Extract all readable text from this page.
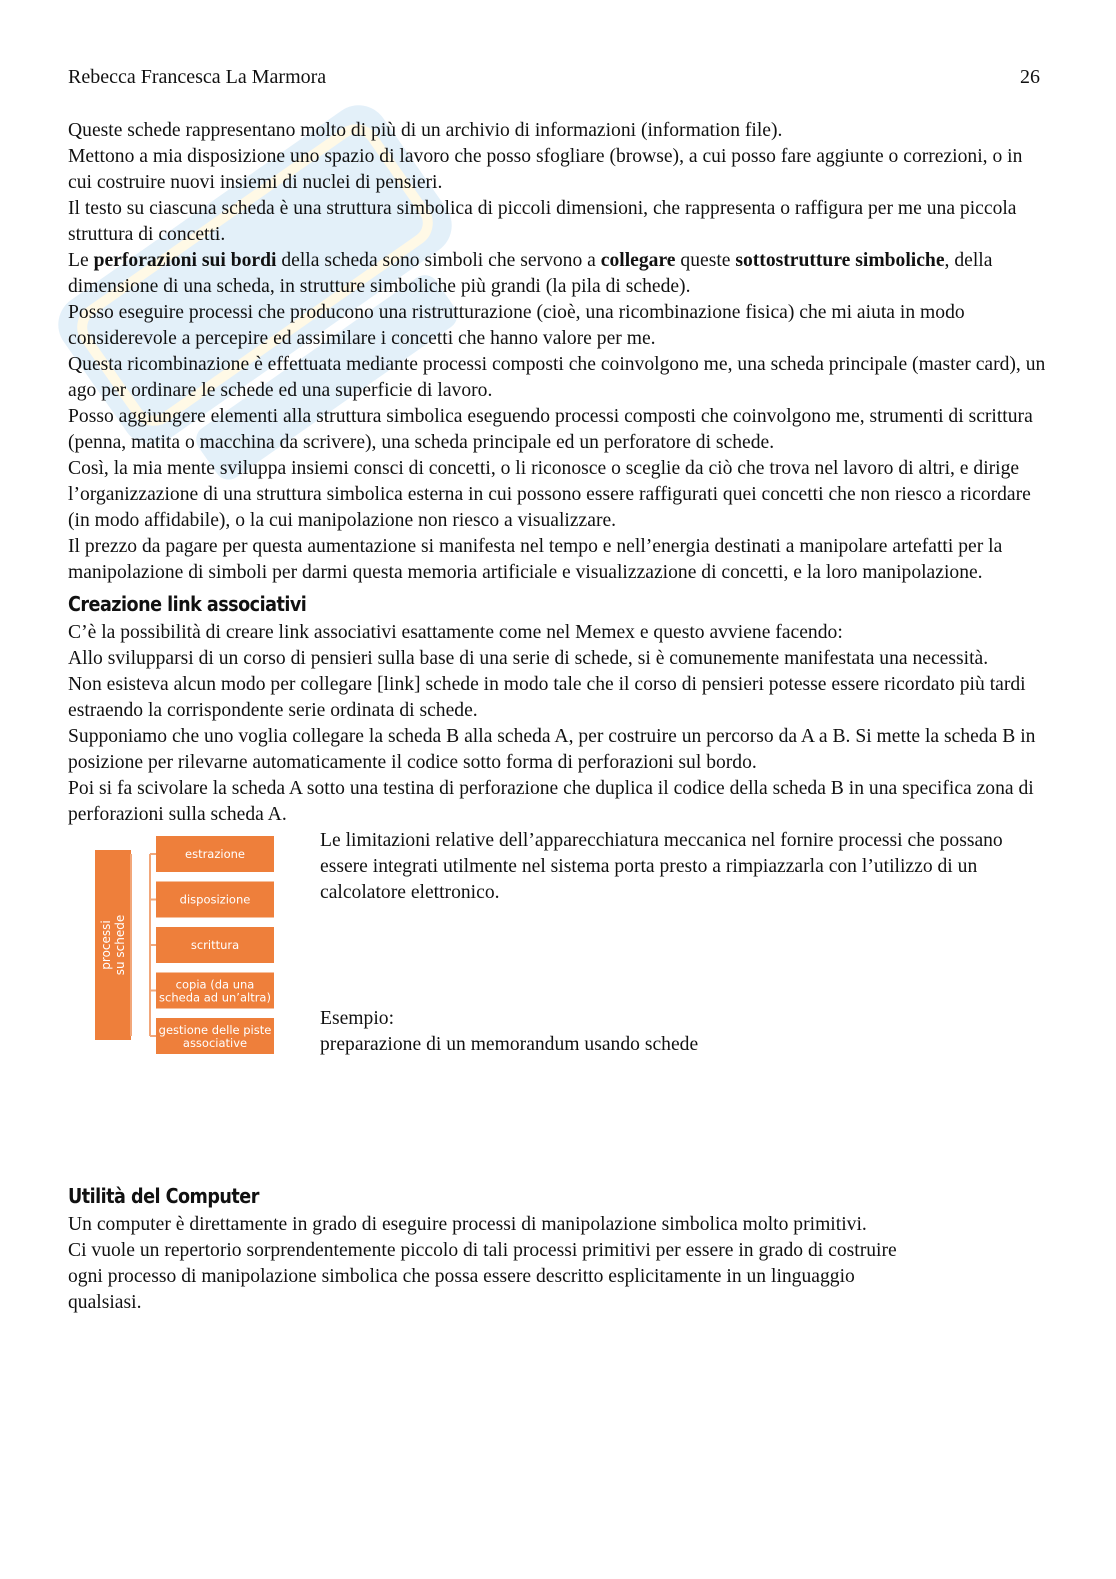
Rebecca Francesca La Marmora	26

Queste schede rappresentano molto di più di un archivio di informazioni (information file).

Mettono a mia disposizione uno spazio di lavoro che posso sfogliare (browse), a cui posso fare aggiunte o correzioni, o in cui costruire nuovi insiemi di nuclei di pensieri.

Il testo su ciascuna scheda è una struttura simbolica di piccoli dimensioni, che rappresenta o raffigura per me una piccola struttura di concetti.

Le perforazioni sui bordi della scheda sono simboli che servono a collegare queste sottostrutture simboliche, della dimensione di una scheda, in strutture simboliche più grandi (la pila di schede).

Posso eseguire processi che producono una ristrutturazione (cioè, una ricombinazione fisica) che mi aiuta in modo considerevole a percepire ed assimilare i concetti che hanno valore per me.

Questa ricombinazione è effettuata mediante processi composti che coinvolgono me, una scheda principale (master card), un ago per ordinare le schede ed una superficie di lavoro.

Posso aggiungere elementi alla struttura simbolica eseguendo processi composti che coinvolgono me, strumenti di scrittura (penna, matita o macchina da scrivere), una scheda principale ed un perforatore di schede.

Così, la mia mente sviluppa insiemi consci di concetti, o li riconosce o sceglie da ciò che trova nel lavoro di altri, e dirige l’organizzazione di una struttura simbolica esterna in cui possono essere raffigurati quei concetti che non riesco a ricordare (in modo affidabile), o la cui manipolazione non riesco a visualizzare.

Il prezzo da pagare per questa aumentazione si manifesta nel tempo e nell’energia destinati a manipolare artefatti per la manipolazione di simboli per darmi questa memoria artificiale e visualizzazione di concetti, e la loro manipolazione.

Creazione link associativi

C’è la possibilità di creare link associativi esattamente come nel Memex e questo avviene facendo:

Allo svilupparsi di un corso di pensieri sulla base di una serie di schede, si è comunemente manifestata una necessità.

Non esisteva alcun modo per collegare [link] schede in modo tale che il corso di pensieri potesse essere ricordato più tardi estraendo la corrispondente serie ordinata di schede.

Supponiamo che uno voglia collegare la scheda B alla scheda A, per costruire un percorso da A a B. Si mette la scheda B in posizione per rilevarne automaticamente il codice sotto forma di perforazioni sul bordo.

Poi si fa scivolare la scheda A sotto una testina di perforazione che duplica il codice della scheda B in una specifica zona di

perforazioni sulla scheda A.

processisu schede
estrazione
disposizione
scrittura
copia (da una scheda ad un’altra)
gestione delle piste associative

Le limitazioni relative dell’apparecchiatura meccanica nel fornire processi che possano essere integrati utilmente nel sistema porta presto a rimpiazzarla con l’utilizzo di un calcolatore elettronico.

Esempio:

preparazione di un memorandum usando schede

Utilità del Computer

Un computer è direttamente in grado di eseguire processi di manipolazione simbolica molto primitivi.

Ci vuole un repertorio sorprendentemente piccolo di tali processi primitivi per essere in grado di costruire ogni processo di manipolazione simbolica che possa essere descritto esplicitamente in un linguaggio qualsiasi.
